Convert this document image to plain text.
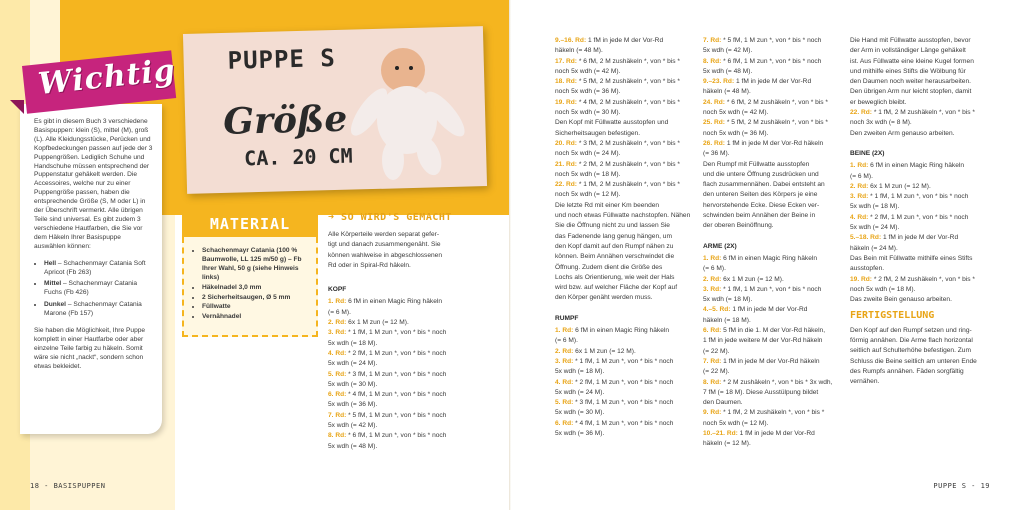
Es gibt in diesem Buch 3 verschiedene Basispuppen: klein (S), mittel (M), groß (L). Alle Kleidungsstücke, Perücken und Kopfbedeckungen passen auf jede der 3 Puppengrößen. Lediglich Schuhe und Handschuhe müssen entsprechend der Puppenstatur gehäkelt werden. Die Accessoires, welche nur zu einer Puppengröße passen, haben die entsprechende Größe (S, M oder L) in der Überschrift vermerkt. Alle übrigen Teile sind universal. Es gibt zudem 3 verschiedene Hautfarben, die Sie vor dem Häkeln Ihrer Basispuppe auswählen können:

• Hell – Schachenmayr Catania Soft Apricot (Fb 263)
• Mittel – Schachenmayr Catania Fuchs (Fb 426)
• Dunkel – Schachenmayr Catania Marone (Fb 157)

Sie haben die Möglichkeit, Ihre Puppe komplett in einer Hautfarbe oder aber einzelne Teile farbig zu häkeln. Somit wäre sie nicht „nackt“, sondern schon etwas bekleidet.

Wichtig PUPPE S
Größe
CA. 20 CM
MATERIAL
• Schachenmayr Catania (100 % Baumwolle, LL 125 m/50 g) – Fb Ihrer Wahl, 50 g (siehe Hinweis links)
• Häkelnadel 3,0 mm
• 2 Sicherheitsaugen, Ø 5 mm
• Füllwatte
• Vernähnadel
➜ SO WIRD'S GEMACHT
Alle Körperteile werden separat gefer-
tigt und danach zusammengenäht. Sie
können wahlweise in abgeschlossenen
Rd oder in Spiral-Rd häkeln.
KOPF
1. Rd: 6 fM in einen Magic Ring häkeln
(= 6 M).
2. Rd: 6x 1 M zun (= 12 M).
3. Rd: * 1 fM, 1 M zun *, von * bis * noch
5x wdh (= 18 M).
4. Rd: * 2 fM, 1 M zun *, von * bis * noch
5x wdh (= 24 M).
5. Rd: * 3 fM, 1 M zun *, von * bis * noch
5x wdh (= 30 M).
6. Rd: * 4 fM, 1 M zun *, von * bis * noch
5x wdh (= 36 M).
7. Rd: * 5 fM, 1 M zun *, von * bis * noch
5x wdh (= 42 M).
8. Rd: * 6 fM, 1 M zun *, von * bis * noch
5x wdh (= 48 M).
9.–16. Rd: 1 fM in jede M der Vor-Rd
häkeln (= 48 M).
17. Rd: * 6 fM, 2 M zushäkeln *, von * bis *
noch 5x wdh (= 42 M).
18. Rd: * 5 fM, 2 M zushäkeln *, von * bis *
noch 5x wdh (= 36 M).
19. Rd: * 4 fM, 2 M zushäkeln *, von * bis *
noch 5x wdh (= 30 M).
Den Kopf mit Füllwatte ausstopfen und
Sicherheitsaugen befestigen.
20. Rd: * 3 fM, 2 M zushäkeln *, von * bis *
noch 5x wdh (= 24 M).
21. Rd: * 2 fM, 2 M zushäkeln *, von * bis *
noch 5x wdh (= 18 M).
22. Rd: * 1 fM, 2 M zushäkeln *, von * bis *
noch 5x wdh (= 12 M).
Die letzte Rd mit einer Km beenden
und noch etwas Füllwatte nachstopfen. Nähen
Sie die Öffnung nicht zu und lassen Sie
das Fadenende lang genug hängen, um
den Kopf damit auf den Rumpf nähen zu
können. Beim Annähen verschwindet die
Öffnung. Zudem dient die Größe des
Lochs als Orientierung, wie weit der Hals
wird bzw. auf welcher Fläche der Kopf auf
den Körper genäht werden muss.
RUMPF
1. Rd: 6 fM in einen Magic Ring häkeln
(= 6 M).
2. Rd: 6x 1 M zun (= 12 M).
3. Rd: * 1 fM, 1 M zun *, von * bis * noch
5x wdh (= 18 M).
4. Rd: * 2 fM, 1 M zun *, von * bis * noch
5x wdh (= 24 M).
5. Rd: * 3 fM, 1 M zun *, von * bis * noch
5x wdh (= 30 M).
6. Rd: * 4 fM, 1 M zun *, von * bis * noch
5x wdh (= 36 M).
7. Rd: * 5 fM, 1 M zun *, von * bis * noch
5x wdh (= 42 M).
8. Rd: * 6 fM, 1 M zun *, von * bis * noch
5x wdh (= 48 M).
9.–23. Rd: 1 fM in jede M der Vor-Rd
häkeln (= 48 M).
24. Rd: * 6 fM, 2 M zushäkeln *, von * bis *
noch 5x wdh (= 42 M).
25. Rd: * 5 fM, 2 M zushäkeln *, von * bis *
noch 5x wdh (= 36 M).
26. Rd: 1 fM in jede M der Vor-Rd häkeln
(= 36 M).
Den Rumpf mit Füllwatte ausstopfen
und die untere Öffnung zusdrücken und
flach zusammennähen. Dabei entsteht an
den unteren Seiten des Körpers je eine
hervorstehende Ecke. Diese Ecken ver-
schwinden beim Annähen der Beine in
der oberen Beinöffnung.
ARME (2X)
1. Rd: 6 fM in einen Magic Ring häkeln
(= 6 M).
2. Rd: 6x 1 M zun (= 12 M).
3. Rd: * 1 fM, 1 M zun *, von * bis * noch
5x wdh (= 18 M).
4.–5. Rd: 1 fM in jede M der Vor-Rd
häkeln (= 18 M).
6. Rd: 5 fM in die 1. M der Vor-Rd häkeln,
1 fM in jede weitere M der Vor-Rd häkeln
(= 22 M).
7. Rd: 1 fM in jede M der Vor-Rd häkeln
(= 22 M).
8. Rd: * 2 M zushäkeln *, von * bis * 3x wdh,
7 fM (= 18 M). Diese Ausstülpung bildet
den Daumen.
9. Rd: * 1 fM, 2 M zushäkeln *, von * bis *
noch 5x wdh (= 12 M).
10.–21. Rd: 1 fM in jede M der Vor-Rd
häkeln (= 12 M).
Die Hand mit Füllwatte ausstopfen, bevor
der Arm in vollständiger Länge gehäkelt
ist. Aus Füllwatte eine kleine Kugel formen
und mithilfe eines Stifts die Wölbung für
den Daumen noch weiter herausarbeiten.
Den übrigen Arm nur leicht stopfen, damit
er beweglich bleibt.
22. Rd: * 1 fM, 2 M zushäkeln *, von * bis *
noch 3x wdh (= 8 M).
Den zweiten Arm genauso arbeiten.
BEINE (2X)
1. Rd: 6 fM in einen Magic Ring häkeln
(= 6 M).
2. Rd: 6x 1 M zun (= 12 M).
3. Rd: * 1 fM, 1 M zun *, von * bis * noch
5x wdh (= 18 M).
4. Rd: * 2 fM, 1 M zun *, von * bis * noch
5x wdh (= 24 M).
5.–18. Rd: 1 fM in jede M der Vor-Rd
häkeln (= 24 M).
Das Bein mit Füllwatte mithilfe eines Stifts
ausstopfen.
19. Rd: * 2 fM, 2 M zushäkeln *, von * bis *
noch 5x wdh (= 18 M).
Das zweite Bein genauso arbeiten.
FERTIGSTELLUNG
Den Kopf auf den Rumpf setzen und ring-
förmig annähen. Die Arme flach horizontal
seitlich auf Schulterhöhe befestigen. Zum
Schluss die Beine seitlich am unteren Ende
des Rumpfs annähen. Fäden sorgfältig
vernähen.
18 - BASISPUPPEN	PUPPE S - 19
